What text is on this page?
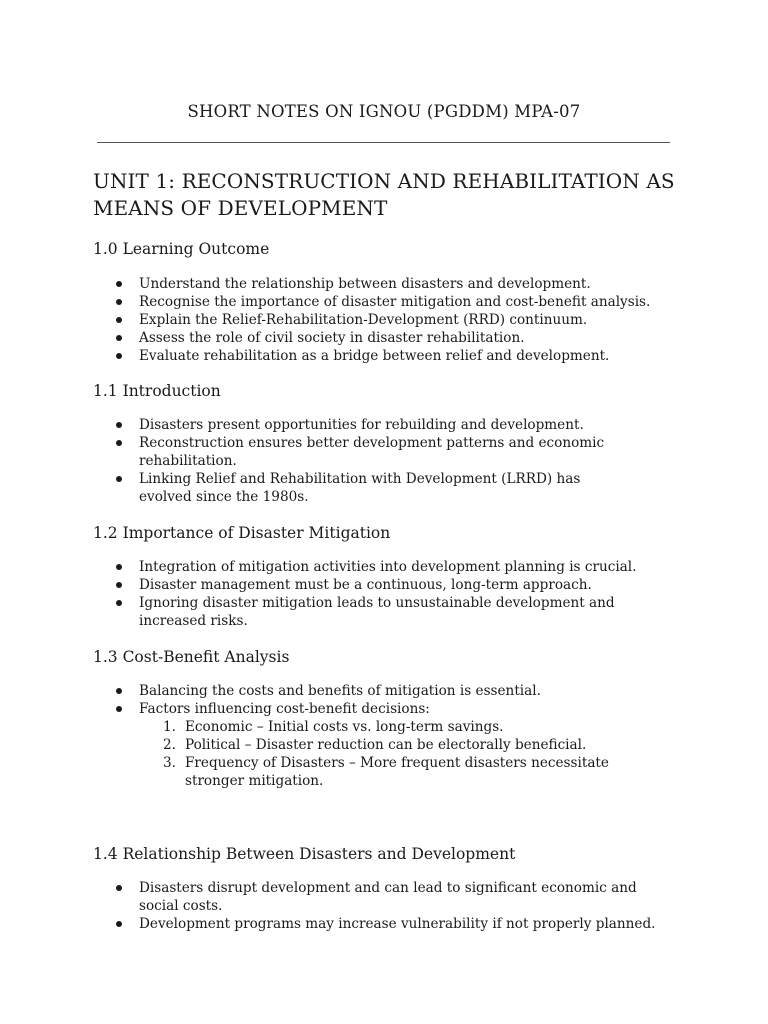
SHORT NOTES ON IGNOU (PGDDM) MPA-07
UNIT 1: RECONSTRUCTION AND REHABILITATION AS MEANS OF DEVELOPMENT
1.0 Learning Outcome
Understand the relationship between disasters and development.
Recognise the importance of disaster mitigation and cost-benefit analysis.
Explain the Relief-Rehabilitation-Development (RRD) continuum.
Assess the role of civil society in disaster rehabilitation.
Evaluate rehabilitation as a bridge between relief and development.
1.1 Introduction
Disasters present opportunities for rebuilding and development.
Reconstruction ensures better development patterns and economic rehabilitation.
Linking Relief and Rehabilitation with Development (LRRD) has evolved since the 1980s.
1.2 Importance of Disaster Mitigation
Integration of mitigation activities into development planning is crucial.
Disaster management must be a continuous, long-term approach.
Ignoring disaster mitigation leads to unsustainable development and increased risks.
1.3 Cost-Benefit Analysis
Balancing the costs and benefits of mitigation is essential.
Factors influencing cost-benefit decisions:
1. Economic – Initial costs vs. long-term savings.
2. Political – Disaster reduction can be electorally beneficial.
3. Frequency of Disasters – More frequent disasters necessitate stronger mitigation.
1.4 Relationship Between Disasters and Development
Disasters disrupt development and can lead to significant economic and social costs.
Development programs may increase vulnerability if not properly planned.
